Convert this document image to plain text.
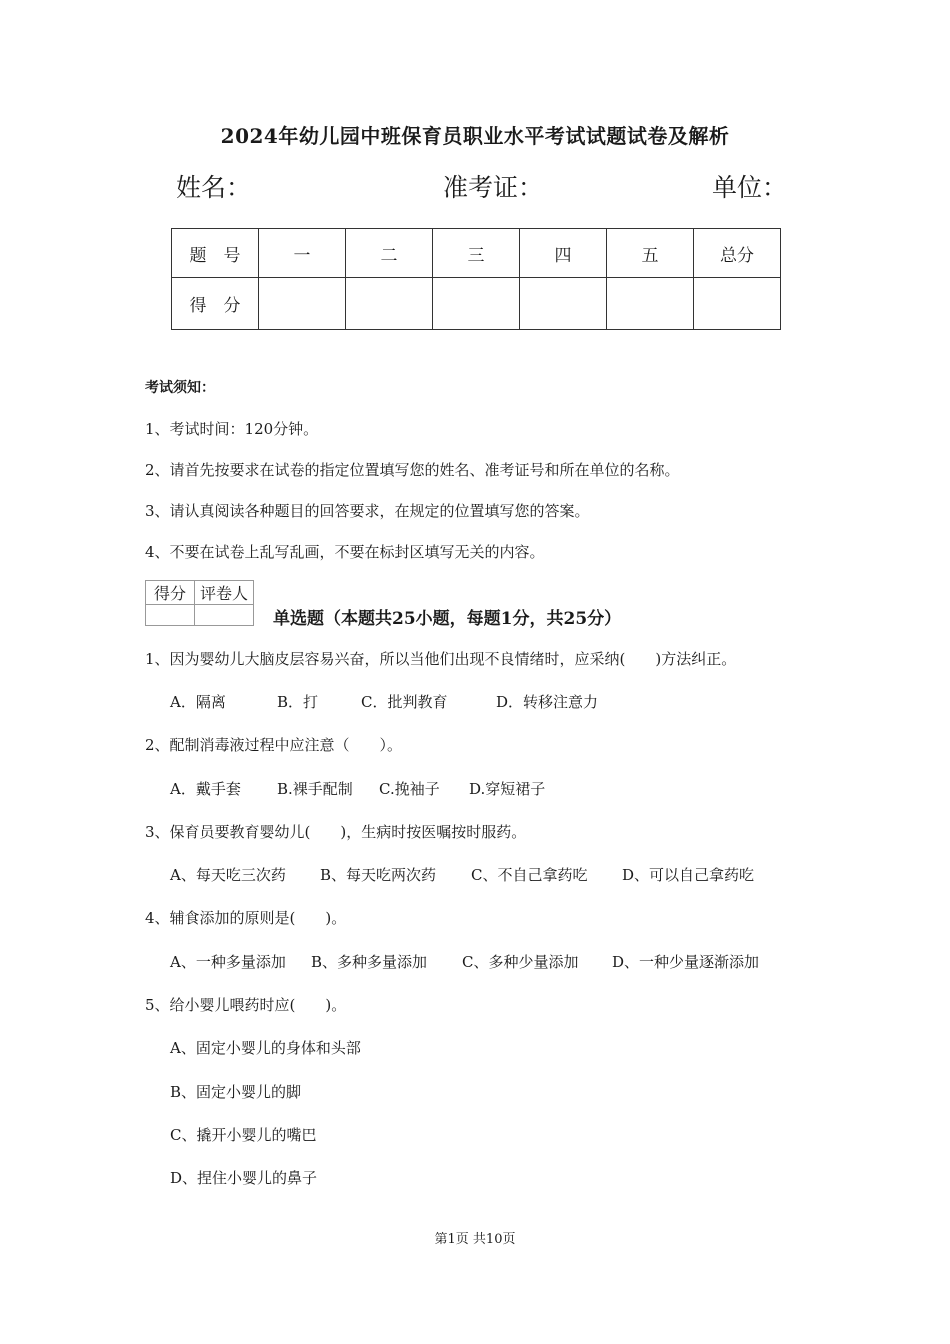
2024年幼儿园中班保育员职业水平考试试题试卷及解析
姓名：	准考证：	单位：
题　号	一	二	三	四	五	总分
得　分						
考试须知：
1、考试时间：120分钟。
2、请首先按要求在试卷的指定位置填写您的姓名、准考证号和所在单位的名称。
3、请认真阅读各种题目的回答要求，在规定的位置填写您的答案。
4、不要在试卷上乱写乱画，不要在标封区填写无关的内容。
得分	评卷人

单选题（本题共25小题，每题1分，共25分）
1、因为婴幼儿大脑皮层容易兴奋，所以当他们出现不良情绪时，应采纳(　　)方法纠正。
A．隔离	B．打	C．批判教育	D．转移注意力
2、配制消毒液过程中应注意（　　）。
A．戴手套 B.裸手配制 C.挽袖子 D.穿短裙子
3、保育员要教育婴幼儿(　　)，生病时按医嘱按时服药。
A、每天吃三次药 B、每天吃两次药 C、不自己拿药吃 D、可以自己拿药吃
4、辅食添加的原则是(　　)。
A、一种多量添加 B、多种多量添加 C、多种少量添加 D、一种少量逐渐添加
5、给小婴儿喂药时应(　　)。
A、固定小婴儿的身体和头部
B、固定小婴儿的脚
C、撬开小婴儿的嘴巴
D、捏住小婴儿的鼻子
第1页 共10页
